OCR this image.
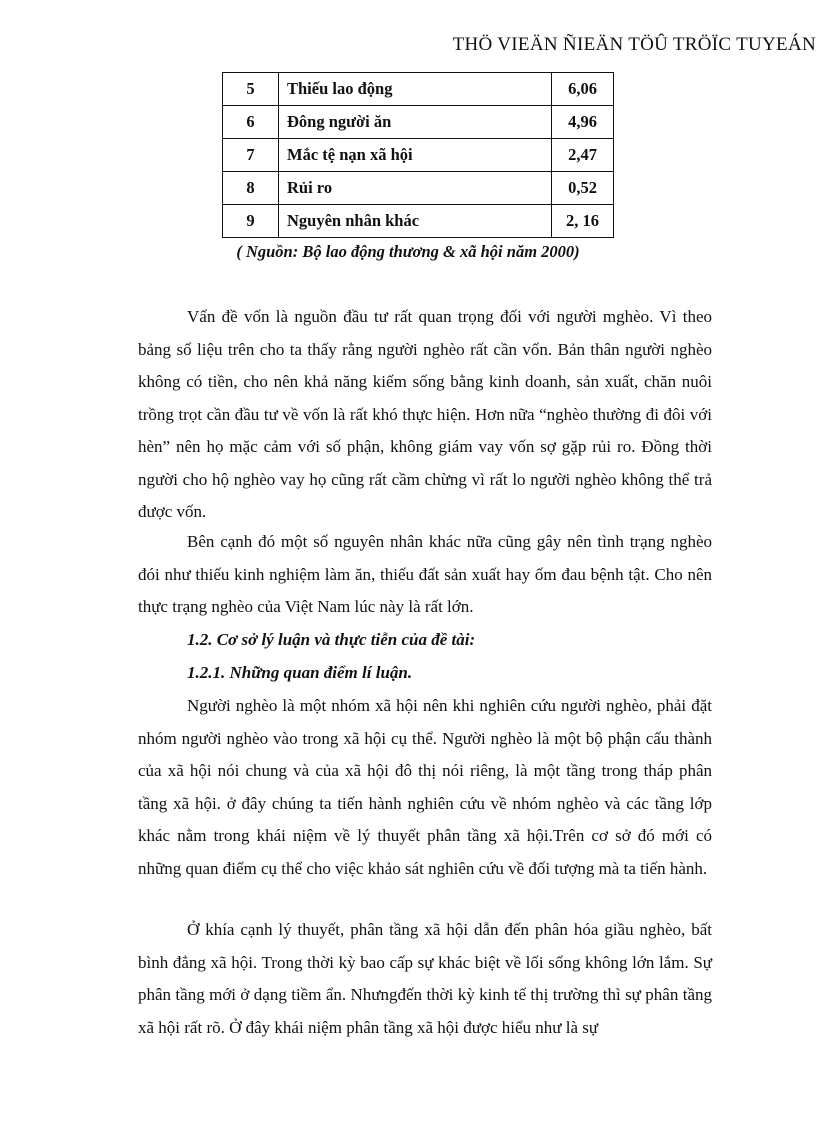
THÖ VIEÄN ÑIEÄN TÖÛ TRÖÏC TUYEÁN
5	Thiếu lao động	6,06
6	Đông người ăn	4,96
7	Mắc tệ nạn xã hội	2,47
8	Rủi ro	0,52
9	Nguyên nhân khác	2, 16
( Nguồn: Bộ lao động thương & xã hội năm 2000)

Vấn đề vốn là nguồn đầu tư rất quan trọng đối với người mghèo. Vì theo bảng số liệu trên cho ta thấy rằng người nghèo rất cần vốn. Bản thân người nghèo không có tiền, cho nên khả năng kiếm sống bằng kinh doanh, sản xuất, chăn nuôi trồng trọt cần đầu tư về vốn là rất khó thực hiện. Hơn nữa “nghèo thường đi đôi với hèn” nên họ mặc cảm với số phận, không giám vay vốn sợ gặp rủi ro. Đồng thời người cho hộ nghèo vay họ cũng rất cầm chừng vì rất lo người nghèo không thể trả được vốn.

Bên cạnh đó một số nguyên nhân khác nữa cũng gây nên tình trạng nghèo đói như thiếu kinh nghiệm làm ăn, thiếu đất sản xuất hay ốm đau bệnh tật. Cho nên thực trạng nghèo của Việt Nam lúc này là rất lớn.

1.2. Cơ sở lý luận và thực tiễn của đề tài:
1.2.1. Những quan điểm lí luận.

Người nghèo là một nhóm xã hội nên khi nghiên cứu người nghèo, phải đặt nhóm người nghèo vào trong xã hội cụ thể. Người nghèo là một bộ phận cấu thành của xã hội nói chung và của xã hội đô thị nói riêng, là một tầng trong tháp phân tầng xã hội. ở đây chúng ta tiến hành nghiên cứu về nhóm nghèo và các tầng lớp khác nằm trong khái niệm về lý thuyết phân tầng xã hội.Trên cơ sở đó mới có những quan điểm cụ thể cho việc khảo sát nghiên cứu về đối tượng mà ta tiến hành.

Ở khía cạnh lý thuyết, phân tầng xã hội dẫn đến phân hóa giầu nghèo, bất bình đẳng xã hội. Trong thời kỳ bao cấp sự khác biệt về lối sống không lớn lắm. Sự phân tầng mới ở dạng tiềm ẩn. Nhưngđến thời kỳ kinh tế thị trường thì sự phân tầng xã hội rất rõ. Ở đây khái niệm phân tầng xã hội được hiểu như là sự
